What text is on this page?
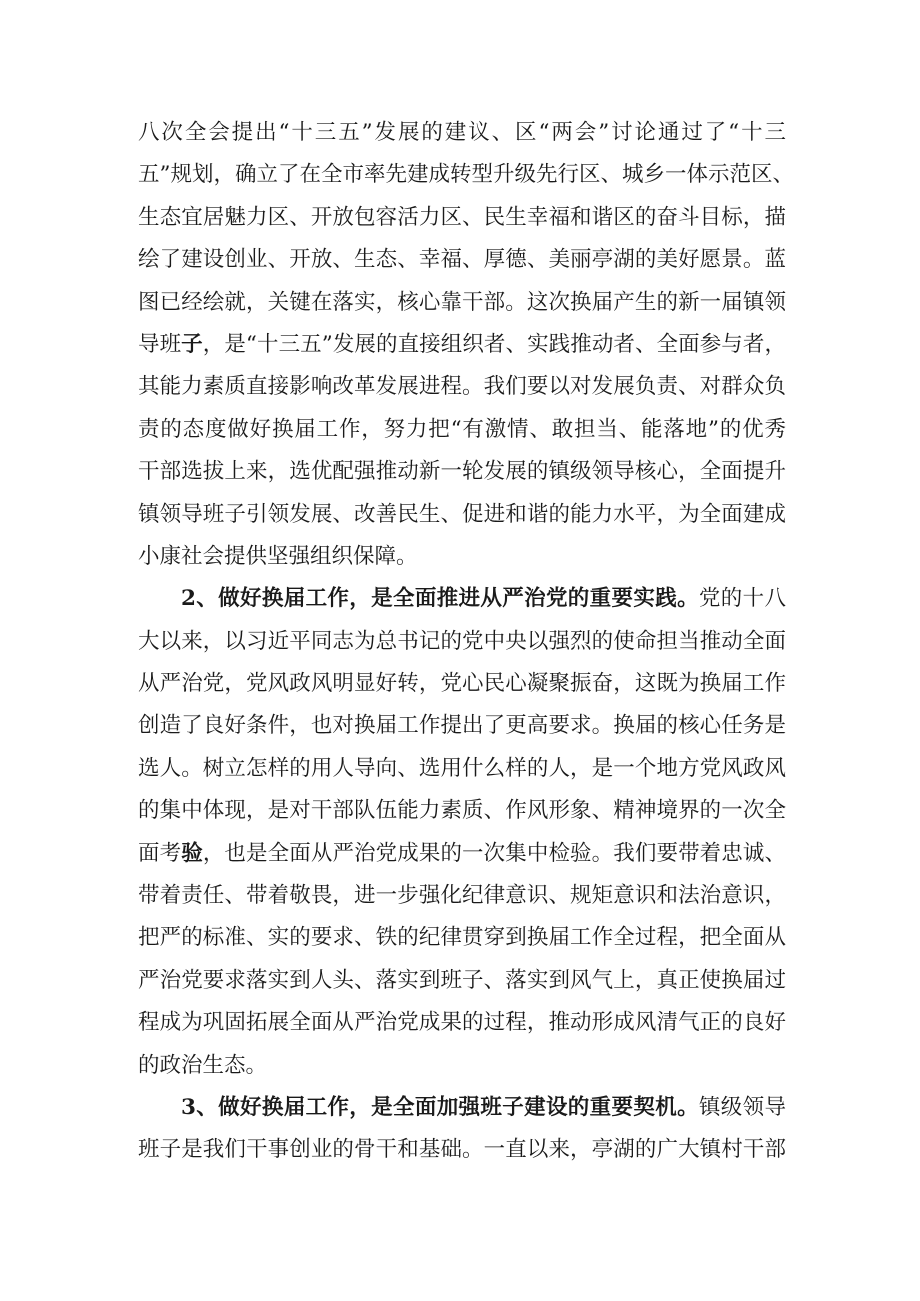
八次全会提出“十三五”发展的建议、区“两会”讨论通过了“十三

五”规划，确立了在全市率先建成转型升级先行区、城乡一体示范区、

生态宜居魅力区、开放包容活力区、民生幸福和谐区的奋斗目标，描

绘了建设创业、开放、生态、幸福、厚德、美丽亭湖的美好愿景。蓝

图已经绘就，关键在落实，核心靠干部。这次换届产生的新一届镇领

导班子，是“十三五”发展的直接组织者、实践推动者、全面参与者，

其能力素质直接影响改革发展进程。我们要以对发展负责、对群众负

责的态度做好换届工作，努力把“有激情、敢担当、能落地”的优秀

干部选拔上来，选优配强推动新一轮发展的镇级领导核心，全面提升

镇领导班子引领发展、改善民生、促进和谐的能力水平，为全面建成

小康社会提供坚强组织保障。

2、做好换届工作，是全面推进从严治党的重要实践。党的十八

大以来，以习近平同志为总书记的党中央以强烈的使命担当推动全面

从严治党，党风政风明显好转，党心民心凝聚振奋，这既为换届工作

创造了良好条件，也对换届工作提出了更高要求。换届的核心任务是

选人。树立怎样的用人导向、选用什么样的人，是一个地方党风政风

的集中体现，是对干部队伍能力素质、作风形象、精神境界的一次全

面考验，也是全面从严治党成果的一次集中检验。我们要带着忠诚、

带着责任、带着敬畏，进一步强化纪律意识、规矩意识和法治意识，

把严的标准、实的要求、铁的纪律贯穿到换届工作全过程，把全面从

严治党要求落实到人头、落实到班子、落实到风气上，真正使换届过

程成为巩固拓展全面从严治党成果的过程，推动形成风清气正的良好

的政治生态。

3、做好换届工作，是全面加强班子建设的重要契机。镇级领导

班子是我们干事创业的骨干和基础。一直以来，亭湖的广大镇村干部
